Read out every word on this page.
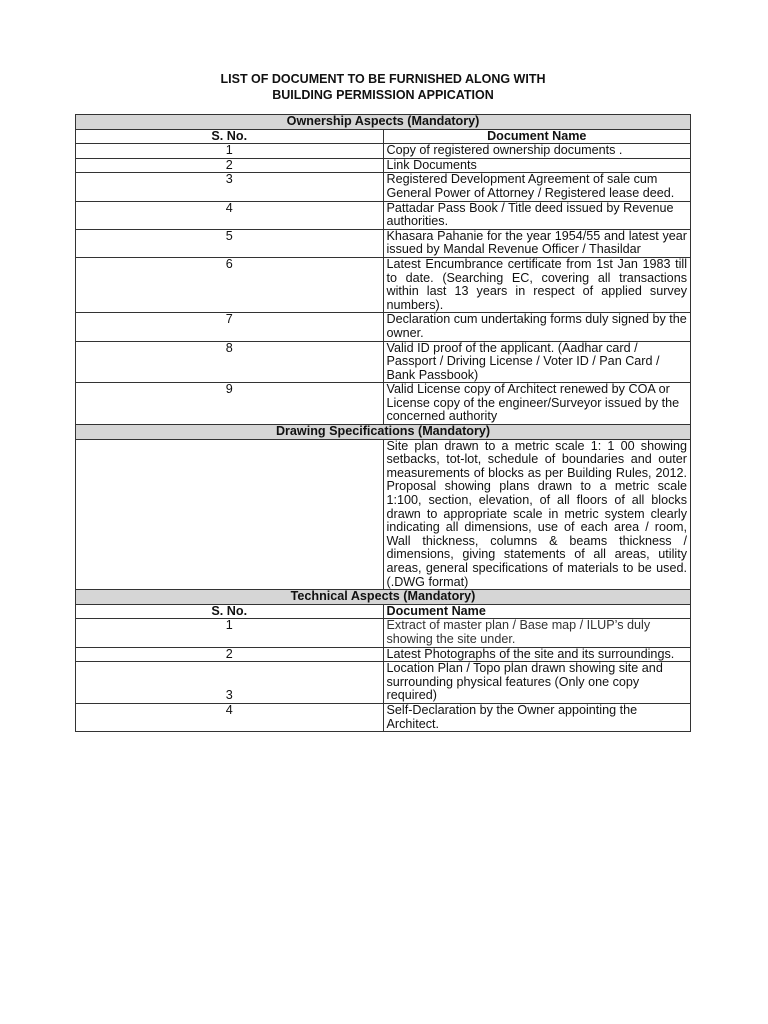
LIST OF DOCUMENT TO BE FURNISHED ALONG WITH
BUILDING PERMISSION APPICATION
Ownership Aspects (Mandatory)	
S. No.	Document Name
1	Copy of registered ownership documents .
2	Link Documents
3	Registered Development Agreement of sale cum General Power of Attorney / Registered lease deed.
4	Pattadar Pass Book / Title deed issued by Revenue authorities.
5	Khasara Pahanie for the year 1954/55 and latest year issued by Mandal Revenue Officer / Thasildar
6	Latest Encumbrance certificate from 1st Jan 1983 till to date. (Searching EC, covering all transactions within last 13 years in respect of applied survey numbers).
7	Declaration cum undertaking forms duly signed by the owner.
8	Valid ID proof of the applicant. (Aadhar card / Passport / Driving License / Voter ID / Pan Card / Bank Passbook)
9	Valid License copy of Architect renewed by COA or License copy of the engineer/Surveyor issued by the concerned authority
Drawing Specifications (Mandatory)	
	Site plan drawn to a metric scale 1: 1 00 showing setbacks, tot-lot, schedule of boundaries and outer measurements of blocks as per Building Rules, 2012. Proposal showing plans drawn to a metric scale 1:100, section, elevation, of all floors of all blocks drawn to appropriate scale in metric system clearly indicating all dimensions, use of each area / room, Wall thickness, columns & beams thickness / dimensions, giving statements of all areas, utility areas, general specifications of materials to be used. (.DWG format)
Technical Aspects (Mandatory)	
S. No.	Document Name
1	Extract of master plan / Base map / ILUP’s duly showing the site under.
2	Latest Photographs of the site and its surroundings.
3	Location Plan / Topo plan drawn showing site and surrounding physical features (Only one copy required)
4	Self-Declaration by the Owner appointing the Architect.
